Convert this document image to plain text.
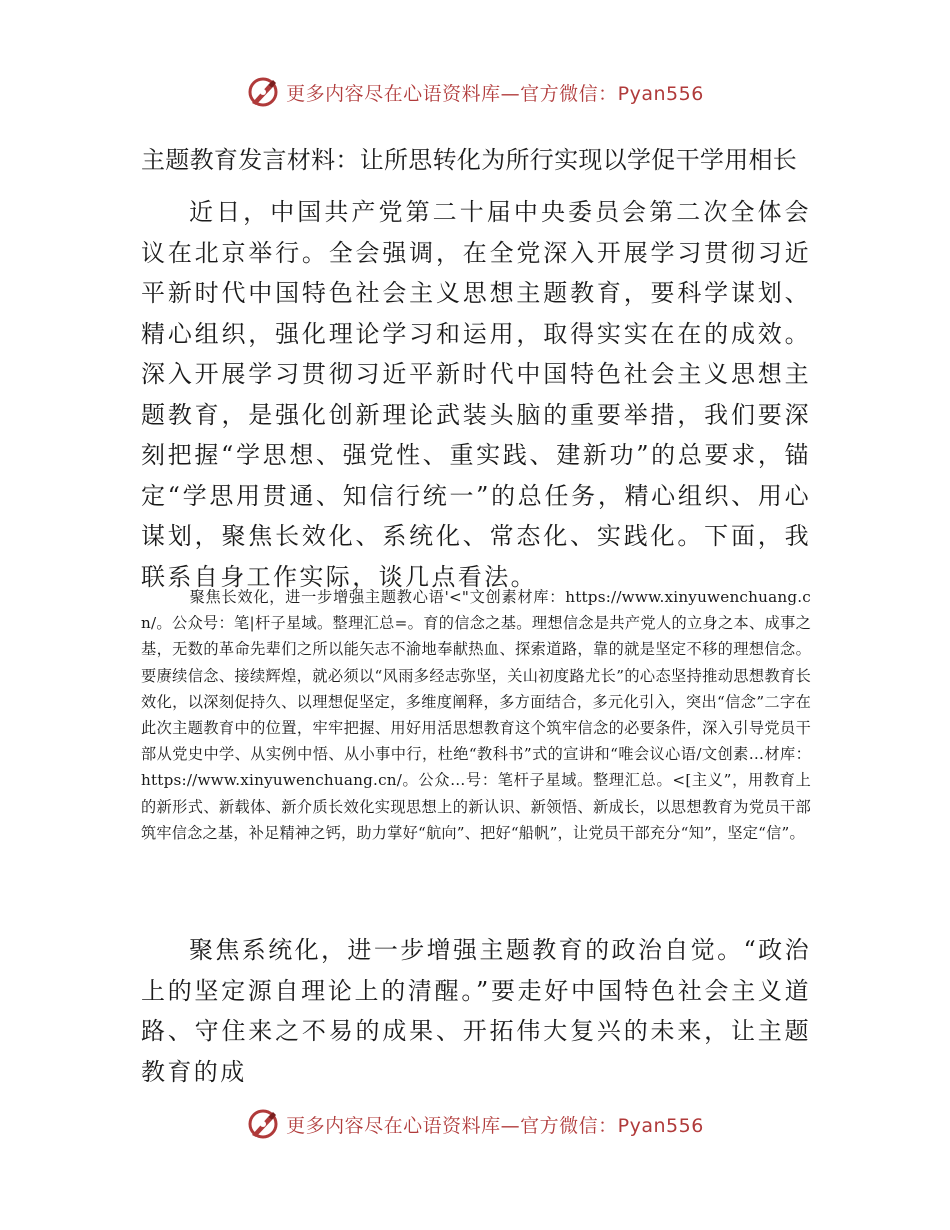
更多内容尽在心语资料库—官方微信：Pyan556
主题教育发言材料：让所思转化为所行实现以学促干学用相长

近日，中国共产党第二十届中央委员会第二次全体会议在北京举行。全会强调，在全党深入开展学习贯彻习近平新时代中国特色社会主义思想主题教育，要科学谋划、精心组织，强化理论学习和运用，取得实实在在的成效。深入开展学习贯彻习近平新时代中国特色社会主义思想主题教育，是强化创新理论武装头脑的重要举措，我们要深刻把握“学思想、强党性、重实践、建新功”的总要求，锚定“学思用贯通、知信行统一”的总任务，精心组织、用心谋划，聚焦长效化、系统化、常态化、实践化。下面，我联系自身工作实际，谈几点看法。

聚焦长效化，进一步增强主题教心语'<"文创素材库：https://www.xinyuwenchuang.cn/。公众号：笔|杆子星域。整理汇总=。育的信念之基。理想信念是共产党人的立身之本、成事之基，无数的革命先辈们之所以能矢志不渝地奉献热血、探索道路，靠的就是坚定不移的理想信念。要赓续信念、接续辉煌，就必须以“风雨多经志弥坚，关山初度路尤长”的心态坚持推动思想教育长效化，以深刻促持久、以理想促坚定，多维度阐释，多方面结合，多元化引入，突出“信念”二字在此次主题教育中的位置，牢牢把握、用好用活思想教育这个筑牢信念的必要条件，深入引导党员干部从党史中学、从实例中悟、从小事中行，杜绝“教科书”式的宣讲和“唯会议心语/文创素…材库：https://www.xinyuwenchuang.cn/。公众…号：笔杆子星域。整理汇总。<[主义”，用教育上的新形式、新载体、新介质长效化实现思想上的新认识、新领悟、新成长，以思想教育为党员干部筑牢信念之基，补足精神之钙，助力掌好“航向”、把好“船帆”，让党员干部充分“知”，坚定“信”。

聚焦系统化，进一步增强主题教育的政治自觉。“政治上的坚定源自理论上的清醒。”要走好中国特色社会主义道路、守住来之不易的成果、开拓伟大复兴的未来，让主题教育的成

更多内容尽在心语资料库—官方微信：Pyan556
